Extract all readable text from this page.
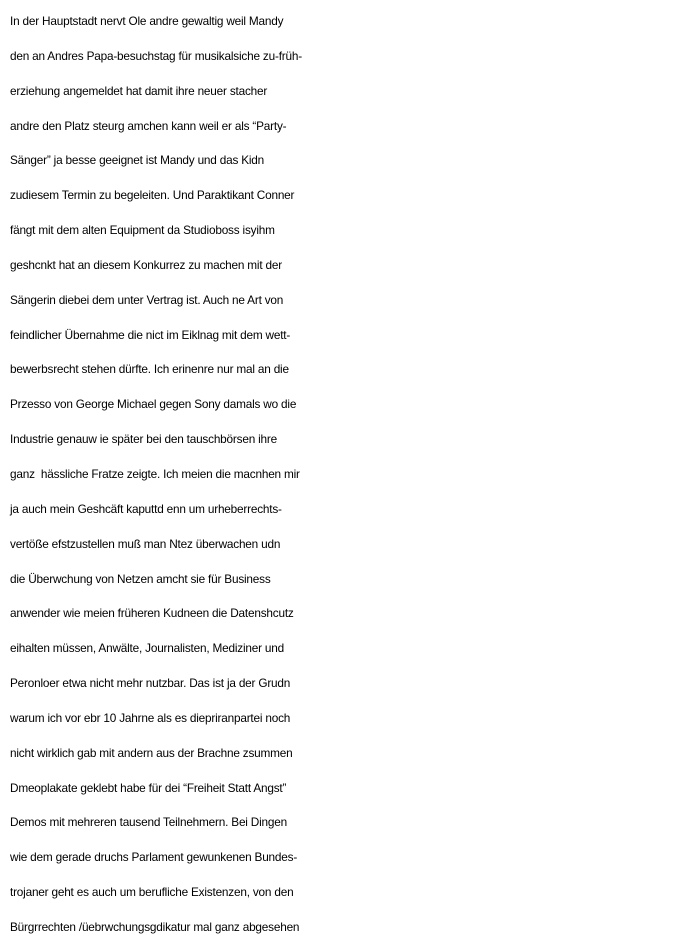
In der Hauptstadt nervt Ole andre gewaltig weil Mandy
den an Andres Papa-besuchstag für musikalsiche zu-früh-
erziehung angemeldet hat damit ihre neuer stacher
andre den Platz steurg amchen kann weil er als “Party-
Sänger” ja besse geeignet ist Mandy und das Kidn
zudiesem Termin zu begeleiten. Und Paraktikant Conner
fängt mit dem alten Equipment da Studioboss isyihm
geshcnkt hat an diesem Konkurrez zu machen mit der
Sängerin diebei dem unter Vertrag ist. Auch ne Art von
feindlicher Übernahme die nict im Eiklnag mit dem wett-
bewerbsrecht stehen dürfte. Ich erinenre nur mal an die
Przesso von George Michael gegen Sony damals wo die
Industrie genauw ie später bei den tauschbörsen ihre
ganz  hässliche Fratze zeigte. Ich meien die macnhen mir
ja auch mein Geshcäft kaputtd enn um urheberrechts-
vertöße efstzustellen muß man Ntez überwachen udn
die Überwchung von Netzen amcht sie für Business
anwender wie meien früheren Kudneen die Datenshcutz
eihalten müssen, Anwälte, Journalisten, Mediziner und
Peronloer etwa nicht mehr nutzbar. Das ist ja der Grudn
warum ich vor ebr 10 Jahrne als es diepriranpartei noch
nicht wirklich gab mit andern aus der Brachne zsummen
Dmeoplakate geklebt habe für dei “Freiheit Statt Angst”
Demos mit mehreren tausend Teilnehmern. Bei Dingen
wie dem gerade druchs Parlament gewunkenen Bundes-
trojaner geht es auch um berufliche Existenzen, von den
Bürgrrechten /üebrwchungsgdikatur mal ganz abgesehen
